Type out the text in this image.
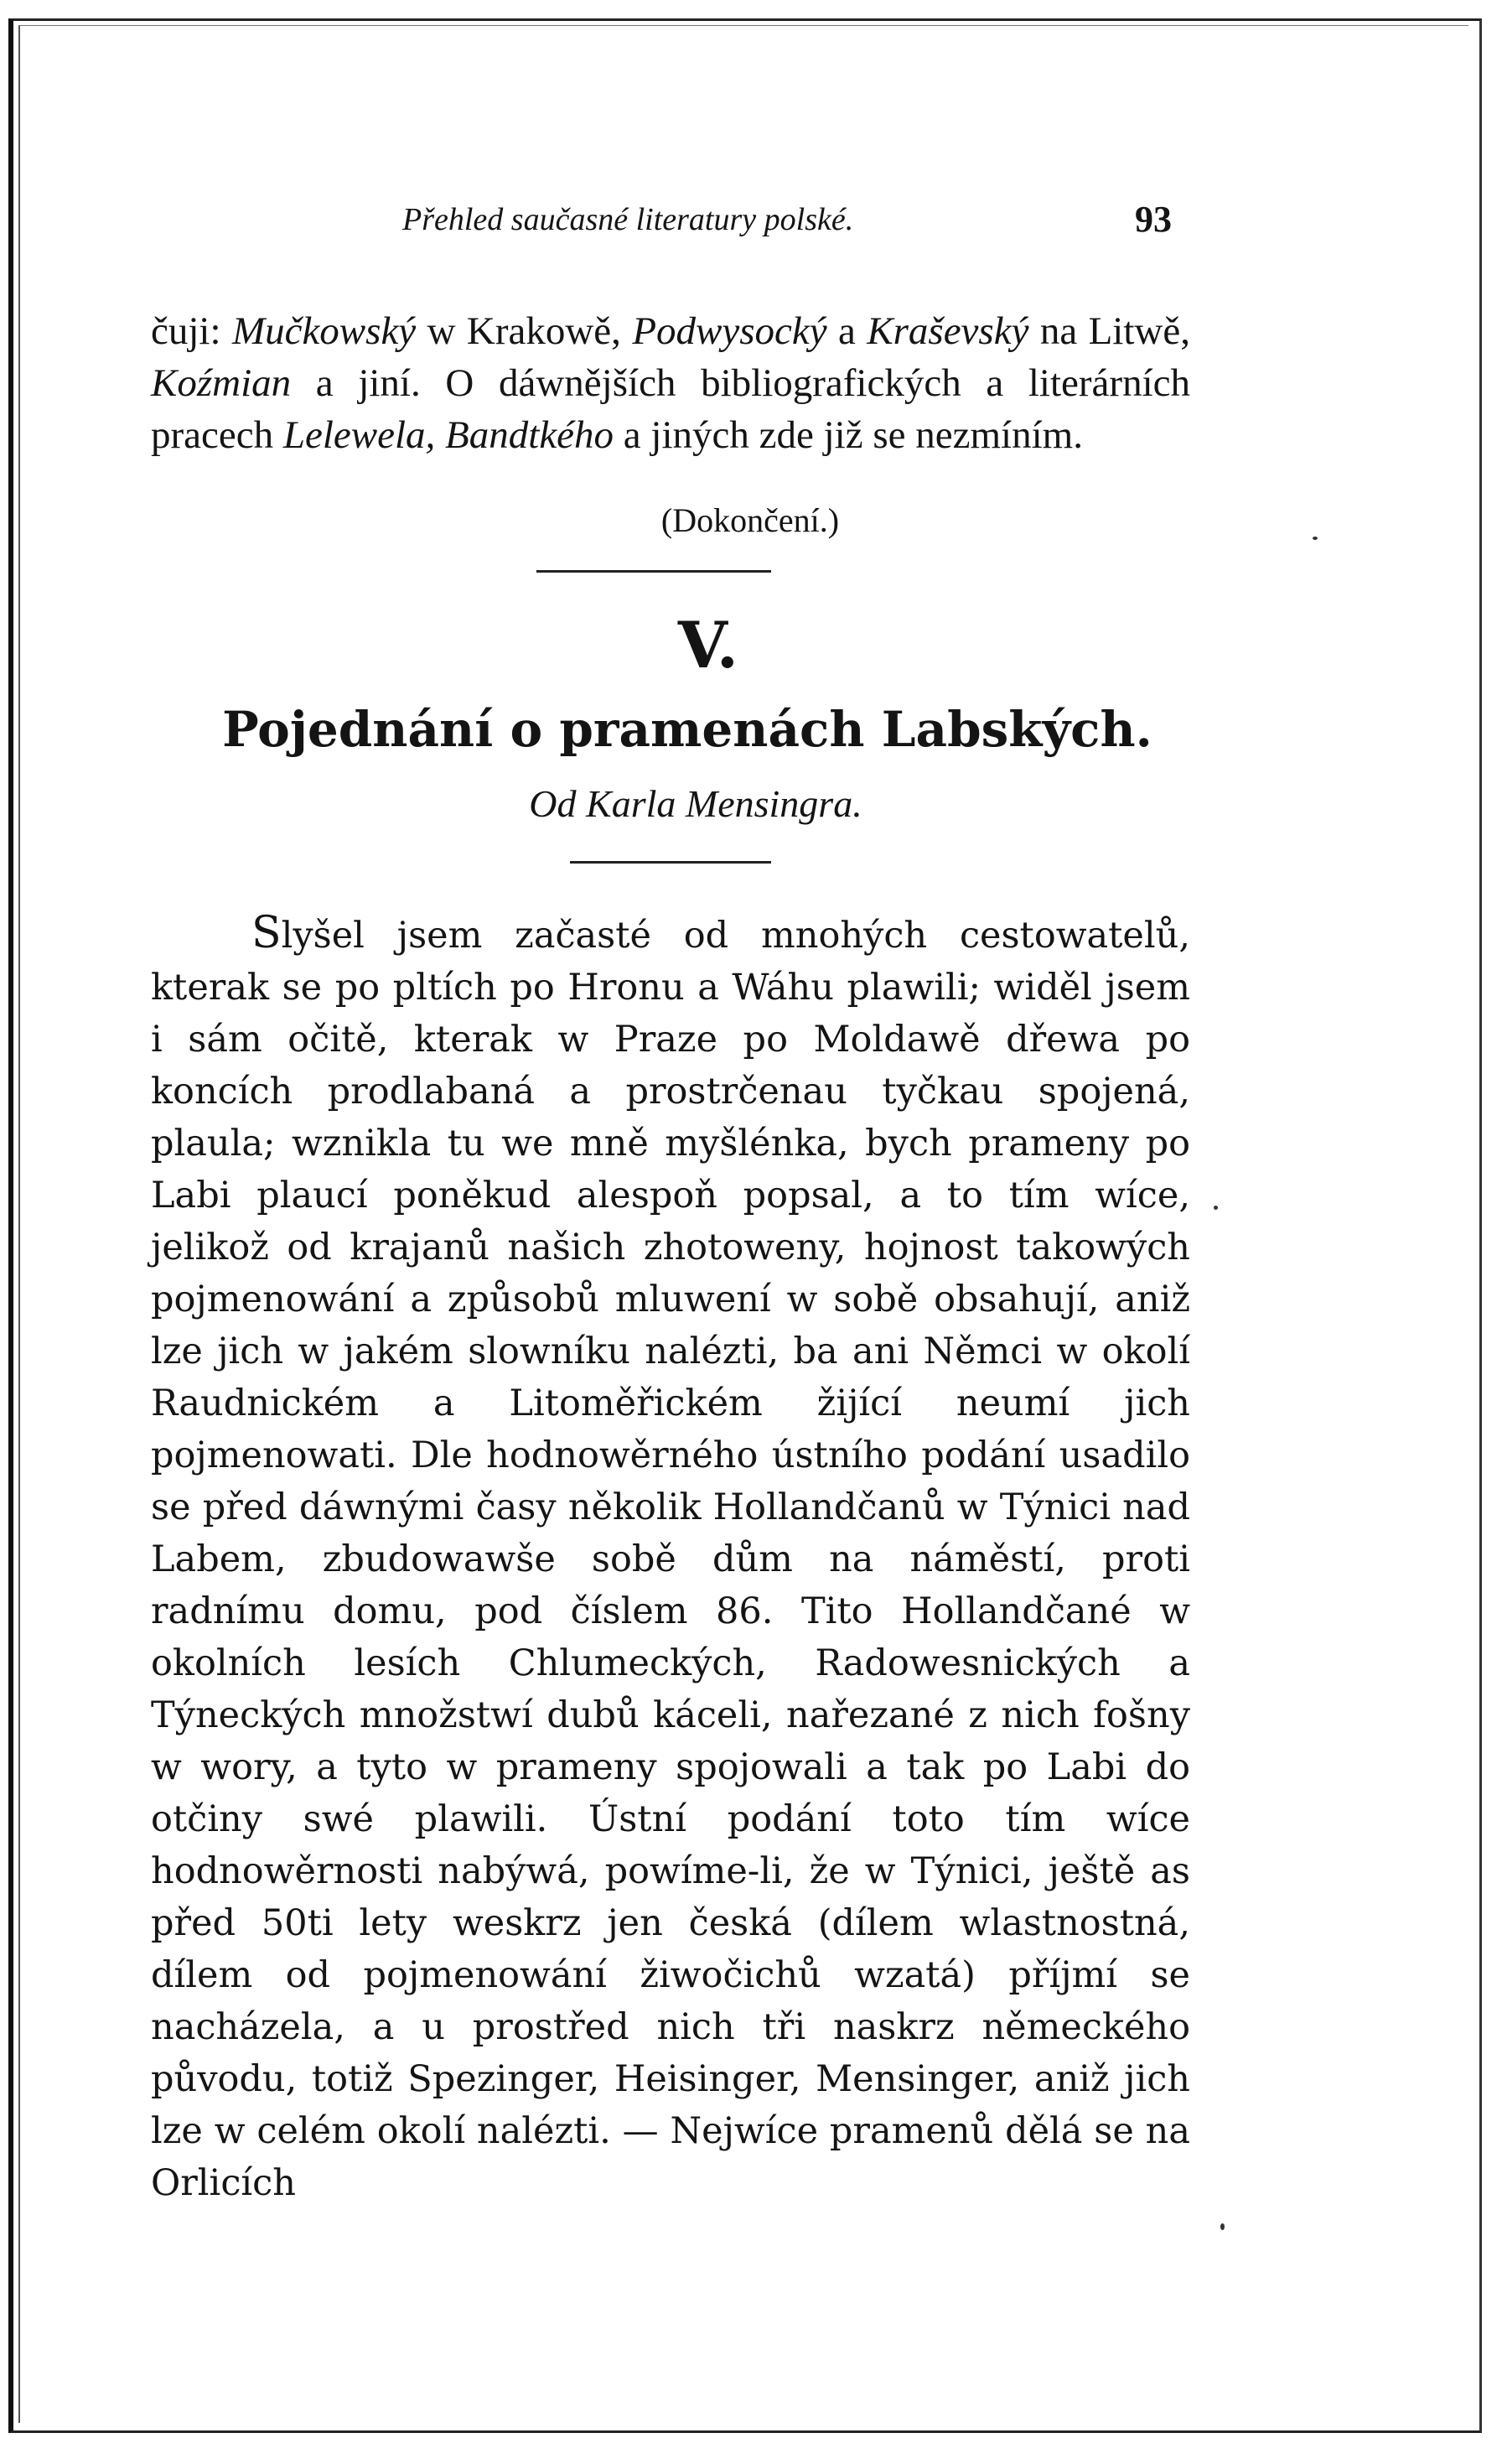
Přehled saučasné literatury polské.	93

čuji: Mučkowský w Krakowě, Podwysocký a Kraševský na Litwě, Koźmian a jiní. O dáwnějších bibliografických a literárních pracech Lelewela, Bandtkého a jiných zde již se nezmíním.

(Dokončení.)
V.
Pojednání o pramenách Labských.
Od Karla Mensingra.

Slyšel jsem začasté od mnohých cestowatelů, kterak se po pltích po Hronu a Wáhu plawili; widěl jsem i sám očitě, kterak w Praze po Moldawě dřewa po koncích prodlabaná a prostrčenau tyčkau spojená, plaula; wznikla tu we mně myšlénka, bych prameny po Labi plaucí poněkud alespoň popsal, a to tím wíce, jelikož od krajanů našich zhotoweny, hojnost takowých pojmenowání a způsobů mluwení w sobě obsahují, aniž lze jich w jakém slowníku nalézti, ba ani Němci w okolí Raudnickém a Litoměřickém žijící neumí jich pojmenowati. Dle hodnowěrného ústního podání usadilo se před dáwnými časy několik Hollandčanů w Týnici nad Labem, zbudowawše sobě dům na náměstí, proti radnímu domu, pod číslem 86. Tito Hollandčané w okolních lesích Chlumeckých, Radowesnických a Týneckých množstwí dubů káceli, nařezané z nich fošny w wory, a tyto w prameny spojowali a tak po Labi do otčiny swé plawili. Ústní podání toto tím wíce hodnowěrnosti nabýwá, powíme-li, že w Týnici, ještě as před 50ti lety weskrz jen česká (dílem wlastnostná, dílem od pojmenowání žiwočichů wzatá) příjmí se nacházela, a u prostřed nich tři naskrz německého původu, totiž Spezinger, Heisinger, Mensinger, aniž jich lze w celém okolí nalézti. — Nejwíce pramenů dělá se na Orlicích
